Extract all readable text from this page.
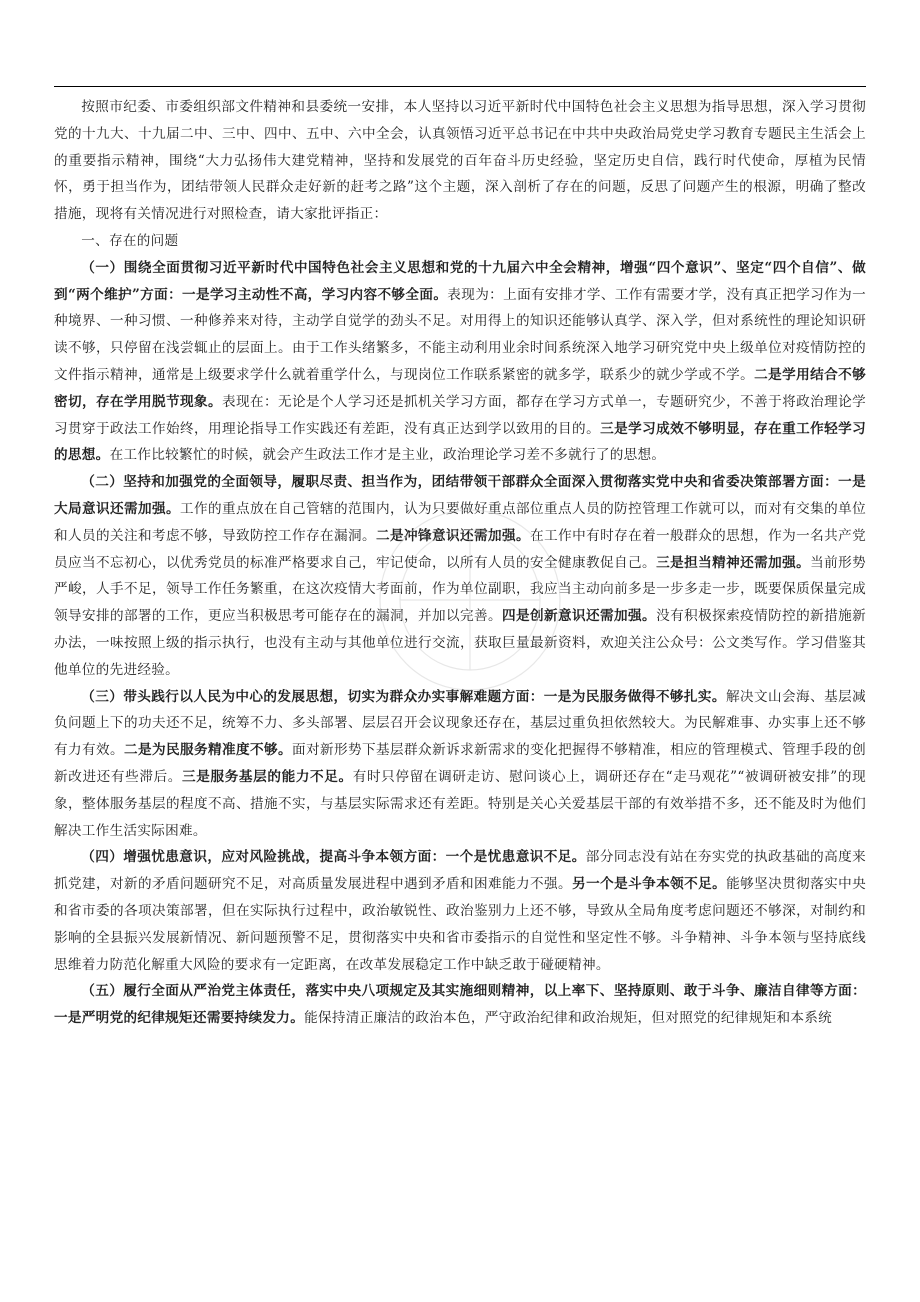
按照市纪委、市委组织部文件精神和县委统一安排，本人坚持以习近平新时代中国特色社会主义思想为指导思想，深入学习贯彻党的十九大、十九届二中、三中、四中、五中、六中全会，认真领悟习近平总书记在中共中央政治局党史学习教育专题民主生活会上的重要指示精神，围绕“大力弘扬伟大建党精神，坚持和发展党的百年奋斗历史经验，坚定历史自信，践行时代使命，厚植为民情怀，勇于担当作为，团结带领人民群众走好新的赶考之路”这个主题，深入剖析了存在的问题，反思了问题产生的根源，明确了整改措施，现将有关情况进行对照检查，请大家批评指正：

一、存在的问题

（一）围绕全面贯彻习近平新时代中国特色社会主义思想和党的十九届六中全会精神，增强“四个意识”、坚定“四个自信”、做到“两个维护”方面：一是学习主动性不高，学习内容不够全面。表现为：上面有安排才学、工作有需要才学，没有真正把学习作为一种境界、一种习惯、一种修养来对待，主动学自觉学的劲头不足。对用得上的知识还能够认真学、深入学，但对系统性的理论知识研读不够，只停留在浅尝辄止的层面上。由于工作头绪繁多，不能主动利用业余时间系统深入地学习研究党中央上级单位对疫情防控的文件指示精神，通常是上级要求学什么就着重学什么，与现岗位工作联系紧密的就多学，联系少的就少学或不学。二是学用结合不够密切，存在学用脱节现象。表现在：无论是个人学习还是抓机关学习方面，都存在学习方式单一，专题研究少，不善于将政治理论学习贯穿于政法工作始终，用理论指导工作实践还有差距，没有真正达到学以致用的目的。三是学习成效不够明显，存在重工作轻学习的思想。在工作比较繁忙的时候，就会产生政法工作才是主业，政治理论学习差不多就行了的思想。

（二）坚持和加强党的全面领导，履职尽责、担当作为，团结带领干部群众全面深入贯彻落实党中央和省委决策部署方面：一是大局意识还需加强。工作的重点放在自己管辖的范围内，认为只要做好重点部位重点人员的防控管理工作就可以，而对有交集的单位和人员的关注和考虑不够，导致防控工作存在漏洞。二是冲锋意识还需加强。在工作中有时存在着一般群众的思想，作为一名共产党员应当不忘初心，以优秀党员的标准严格要求自己，牢记使命，以所有人员的安全健康教促自己。三是担当精神还需加强。当前形势严峻，人手不足，领导工作任务繁重，在这次疫情大考面前，作为单位副职，我应当主动向前多是一步多走一步，既要保质保量完成领导安排的部署的工作，更应当积极思考可能存在的漏洞，并加以完善。四是创新意识还需加强。没有积极探索疫情防控的新措施新办法，一味按照上级的指示执行，也没有主动与其他单位进行交流，获取巨量最新资料，欢迎关注公众号：公文类写作。学习借鉴其他单位的先进经验。

（三）带头践行以人民为中心的发展思想，切实为群众办实事解难题方面：一是为民服务做得不够扎实。解决文山会海、基层减负问题上下的功夫还不足，统筹不力、多头部署、层层召开会议现象还存在，基层过重负担依然较大。为民解难事、办实事上还不够有力有效。二是为民服务精准度不够。面对新形势下基层群众新诉求新需求的变化把握得不够精准，相应的管理模式、管理手段的创新改进还有些滞后。三是服务基层的能力不足。有时只停留在调研走访、慰问谈心上，调研还存在“走马观花”“被调研被安排”的现象，整体服务基层的程度不高、措施不实，与基层实际需求还有差距。特别是关心关爱基层干部的有效举措不多，还不能及时为他们解决工作生活实际困难。

（四）增强忧患意识，应对风险挑战，提高斗争本领方面：一个是忧患意识不足。部分同志没有站在夯实党的执政基础的高度来抓党建，对新的矛盾问题研究不足，对高质量发展进程中遇到矛盾和困难能力不强。另一个是斗争本领不足。能够坚决贯彻落实中央和省市委的各项决策部署，但在实际执行过程中，政治敏锐性、政治鉴别力上还不够，导致从全局角度考虑问题还不够深，对制约和影响的全县振兴发展新情况、新问题预警不足，贯彻落实中央和省市委指示的自觉性和坚定性不够。斗争精神、斗争本领与坚持底线思维着力防范化解重大风险的要求有一定距离，在改革发展稳定工作中缺乏敢于碰硬精神。

（五）履行全面从严治党主体责任，落实中央八项规定及其实施细则精神，以上率下、坚持原则、敢于斗争、廉洁自律等方面：一是严明党的纪律规矩还需要持续发力。能保持清正廉洁的政治本色，严守政治纪律和政治规矩，但对照党的纪律规矩和本系统
